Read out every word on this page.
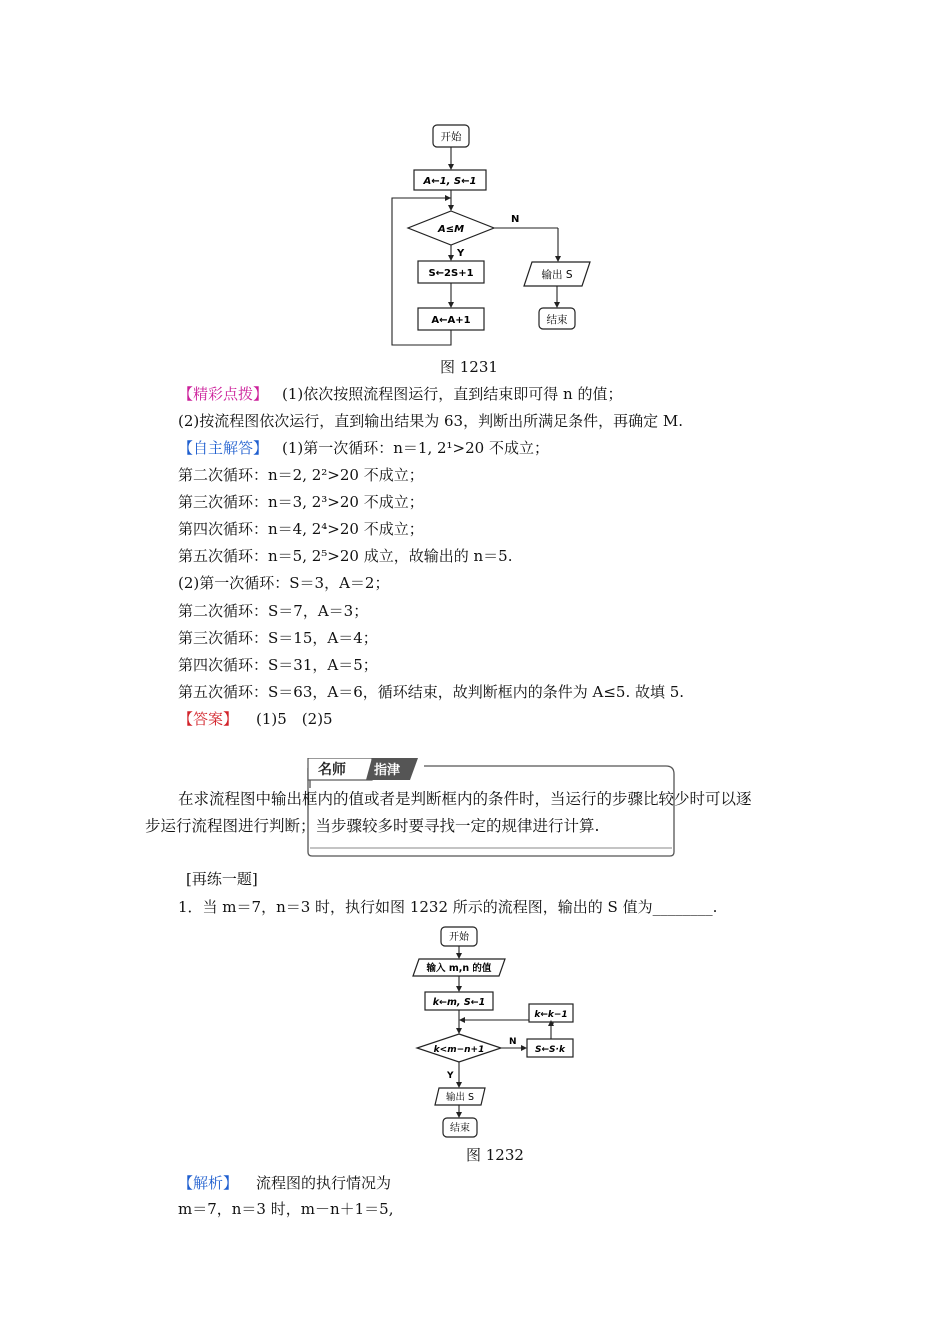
开始
A←1, S←1
A≤M
N
Y
S←2S+1
A←A+1
输出 S
结束
图 1231
【精彩点拨】 (1)依次按照流程图运行，直到结束即可得 n 的值；
(2)按流程图依次运行，直到输出结果为 63，判断出所满足条件，再确定 M.
【自主解答】 (1)第一次循环：n＝1, 2¹>20 不成立；
第二次循环：n＝2, 2²>20 不成立；
第三次循环：n＝3, 2³>20 不成立；
第四次循环：n＝4, 2⁴>20 不成立；
第五次循环：n＝5, 2⁵>20 成立，故输出的 n＝5.
(2)第一次循环：S＝3，A＝2；
第二次循环：S＝7，A＝3；
第三次循环：S＝15，A＝4；
第四次循环：S＝31，A＝5；
第五次循环：S＝63，A＝6，循环结束，故判断框内的条件为 A≤5. 故填 5.
【答案】 (1)5　(2)5
名师 指津
在求流程图中输出框内的值或者是判断框内的条件时，当运行的步骤比较少时可以逐
步运行流程图进行判断；当步骤较多时要寻找一定的规律进行计算.
[再练一题]
1．当 m＝7，n＝3 时，执行如图 1232 所示的流程图，输出的 S 值为________.
开始
输入 m,n 的值
k←m, S←1
k←k−1
k<m−n+1
N
S←S·k
Y
输出 S
结束
图 1232
【解析】 流程图的执行情况为
m＝7，n＝3 时，m－n＋1＝5,
